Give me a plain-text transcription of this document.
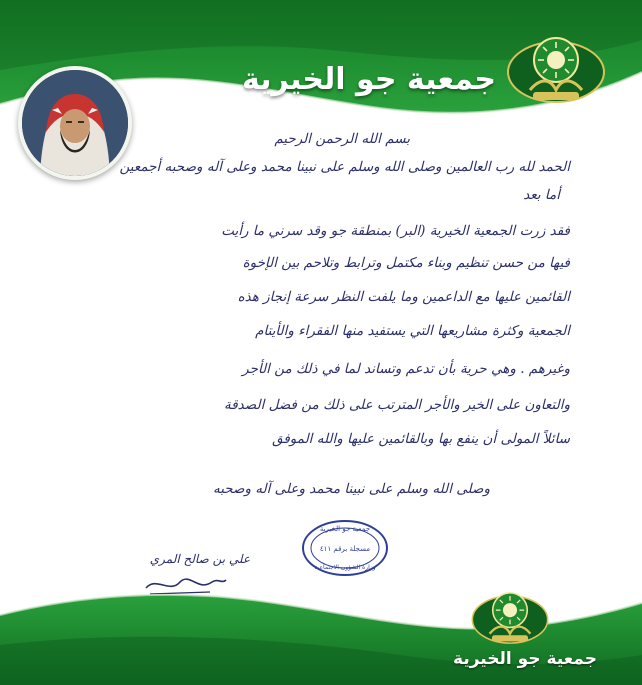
جمعية جو الخيرية
بسم الله الرحمن الرحيم
الحمد لله رب العالمين وصلى الله وسلم على نبينا محمد وعلى آله وصحبه أجمعين
أما بعد
فقد زرت الجمعية الخيرية (البر) بمنطقة جو وقد سرني ما رأيت
فيها من حسن تنظيم وبناء مكتمل وترابط وتلاحم بين الإخوة
القائمين عليها مع الداعمين وما يلفت النظر سرعة إنجاز هذه
الجمعية وكثرة مشاريعها التي يستفيد منها الفقراء والأيتام
وغيرهم . وهي حرية بأن تدعم وتساند لما في ذلك من الأجر
والتعاون على الخير والأجر المترتب على ذلك من فضل الصدقة
سائلاً المولى أن ينفع بها وبالقائمين عليها والله الموفق
وصلى الله وسلم على نبينا محمد وعلى آله وصحبه
جمعية جو الخيرية
مسجلة برقم ٤١١
وزارة الشؤون الاجتماعية
علي بن صالح المري
جمعية جو الخيرية
